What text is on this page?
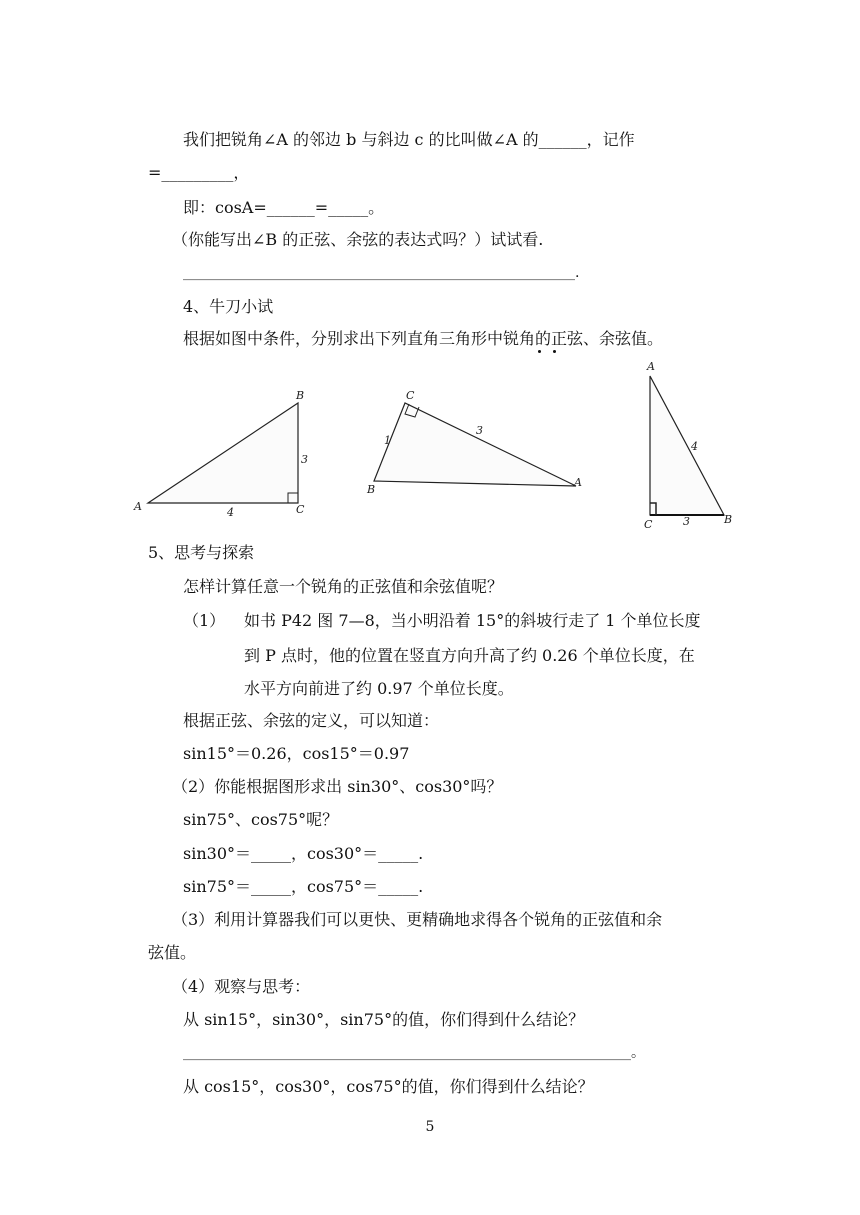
我们把锐角∠A 的邻边 b 与斜边 c 的比叫做∠A 的______，记作
=_________，
即：cosA=______=_____。
（你能写出∠B 的正弦、余弦的表达式吗？）试试看.
________________________________________________________.
4、牛刀小试
根据如图中条件，分别求出下列直角三角形中锐角的正弦、余弦值。
B
A	C
3
4
C
B
A
1
3
A
C	B
4
3
5、思考与探索
怎样计算任意一个锐角的正弦值和余弦值呢？
（1） 如书 P42 图 7—8，当小明沿着 15°的斜坡行走了 1 个单位长度
到 P 点时，他的位置在竖直方向升高了约 0.26 个单位长度，在
水平方向前进了约 0.97 个单位长度。
根据正弦、余弦的定义，可以知道：
sin15°＝0.26，cos15°＝0.97
（2）你能根据图形求出 sin30°、cos30°吗？
sin75°、cos75°呢？
sin30°＝_____，cos30°＝_____.
sin75°＝_____，cos75°＝_____.
（3）利用计算器我们可以更快、更精确地求得各个锐角的正弦值和余
弦值。
（4）观察与思考：
从 sin15°，sin30°，sin75°的值，你们得到什么结论？
________________________________________________________________。
从 cos15°，cos30°，cos75°的值，你们得到什么结论？
5
